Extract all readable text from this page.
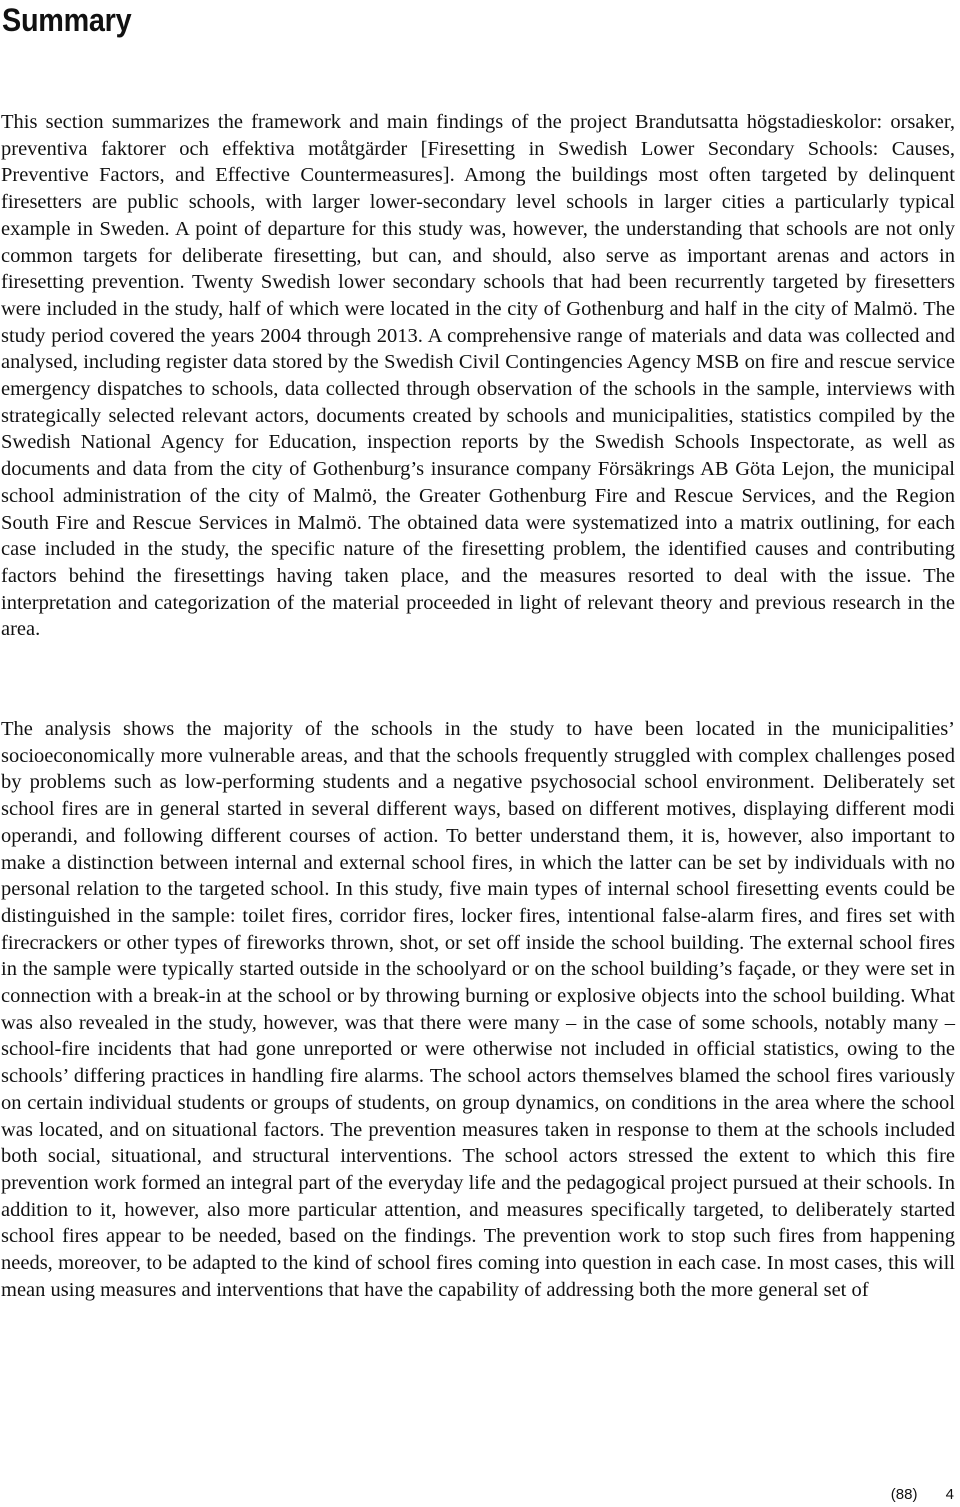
Summary

This section summarizes the framework and main findings of the project Brandutsatta högstadieskolor: orsaker, preventiva faktorer och effektiva motåtgärder [Firesetting in Swedish Lower Secondary Schools: Causes, Preventive Factors, and Effective Countermeasures]. Among the buildings most often targeted by delinquent firesetters are public schools, with larger lower-secondary level schools in larger cities a particularly typical example in Sweden. A point of departure for this study was, however, the understanding that schools are not only common targets for deliberate firesetting, but can, and should, also serve as important arenas and actors in firesetting prevention. Twenty Swedish lower secondary schools that had been recurrently targeted by firesetters were included in the study, half of which were located in the city of Gothenburg and half in the city of Malmö. The study period covered the years 2004 through 2013. A comprehensive range of materials and data was collected and analysed, including register data stored by the Swedish Civil Contingencies Agency MSB on fire and rescue service emergency dispatches to schools, data collected through observation of the schools in the sample, interviews with strategically selected relevant actors, documents created by schools and municipalities, statistics compiled by the Swedish National Agency for Education, inspection reports by the Swedish Schools Inspectorate, as well as documents and data from the city of Gothenburg’s insurance company Försäkrings AB Göta Lejon, the municipal school administration of the city of Malmö, the Greater Gothenburg Fire and Rescue Services, and the Region South Fire and Rescue Services in Malmö. The obtained data were systematized into a matrix outlining, for each case included in the study, the specific nature of the firesetting problem, the identified causes and contributing factors behind the firesettings having taken place, and the measures resorted to deal with the issue. The interpretation and categorization of the material proceeded in light of relevant theory and previous research in the area.

The analysis shows the majority of the schools in the study to have been located in the municipalities’ socioeconomically more vulnerable areas, and that the schools frequently struggled with complex challenges posed by problems such as low-performing students and a negative psychosocial school environment. Deliberately set school fires are in general started in several different ways, based on different motives, displaying different modi operandi, and following different courses of action. To better understand them, it is, however, also important to make a distinction between internal and external school fires, in which the latter can be set by individuals with no personal relation to the targeted school. In this study, five main types of internal school firesetting events could be distinguished in the sample: toilet fires, corridor fires, locker fires, intentional false-alarm fires, and fires set with firecrackers or other types of fireworks thrown, shot, or set off inside the school building. The external school fires in the sample were typically started outside in the schoolyard or on the school building’s façade, or they were set in connection with a break-in at the school or by throwing burning or explosive objects into the school building. What was also revealed in the study, however, was that there were many – in the case of some schools, notably many – school-fire incidents that had gone unreported or were otherwise not included in official statistics, owing to the schools’ differing practices in handling fire alarms. The school actors themselves blamed the school fires variously on certain individual students or groups of students, on group dynamics, on conditions in the area where the school was located, and on situational factors. The prevention measures taken in response to them at the schools included both social, situational, and structural interventions. The school actors stressed the extent to which this fire prevention work formed an integral part of the everyday life and the pedagogical project pursued at their schools. In addition to it, however, also more particular attention, and measures specifically targeted, to deliberately started school fires appear to be needed, based on the findings. The prevention work to stop such fires from happening needs, moreover, to be adapted to the kind of school fires coming into question in each case. In most cases, this will mean using measures and interventions that have the capability of addressing both the more general set of

(88) 4
